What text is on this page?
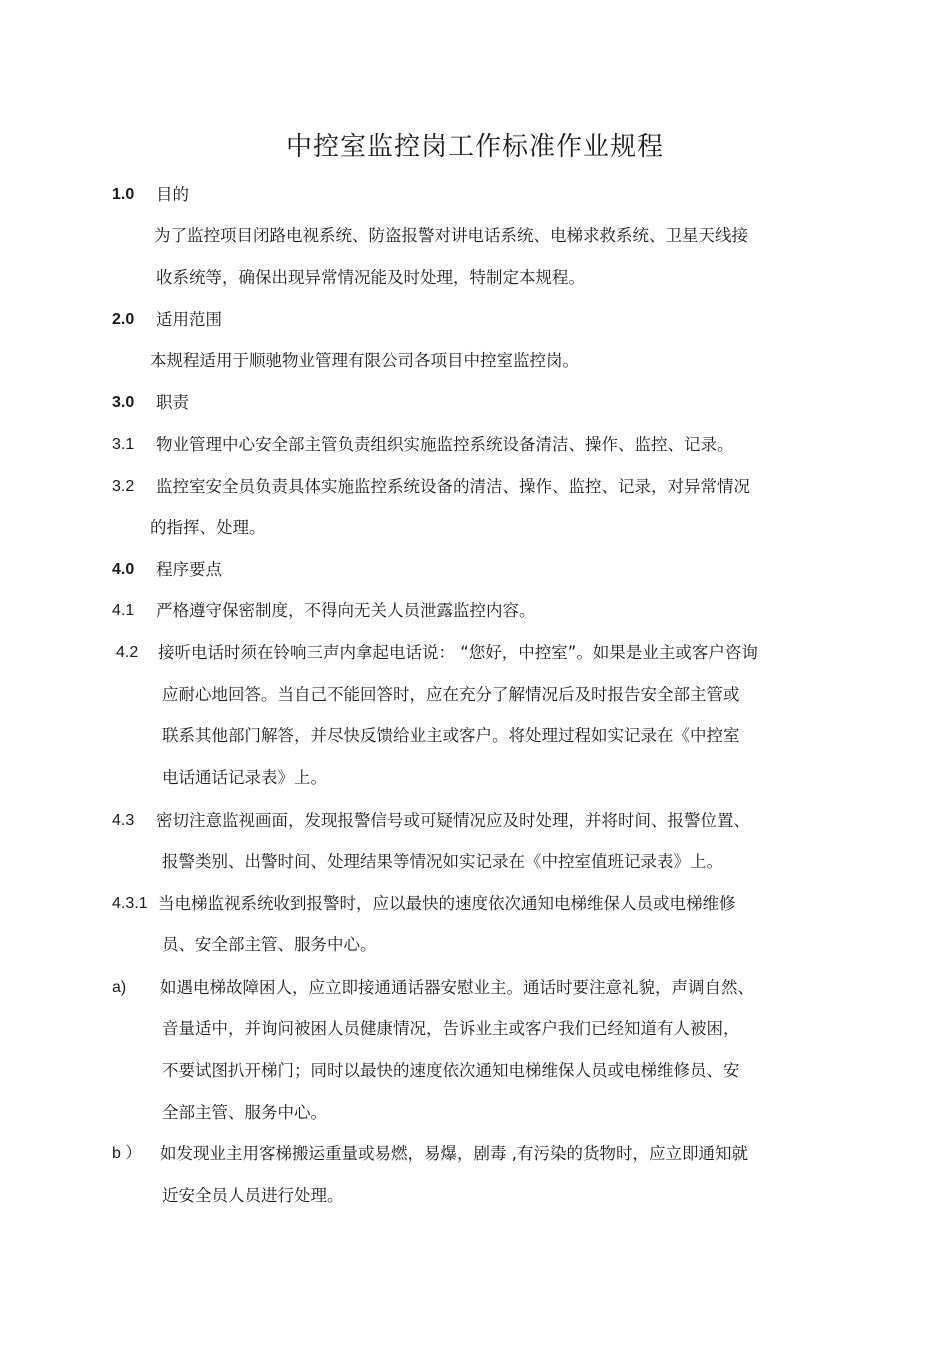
中控室监控岗工作标准作业规程
1.0 目的
为了监控项目闭路电视系统、防盗报警对讲电话系统、电梯求救系统、卫星天线接
收系统等，确保出现异常情况能及时处理，特制定本规程。
2.0 适用范围
本规程适用于顺驰物业管理有限公司各项目中控室监控岗。
3.0 职责
3.1 物业管理中心安全部主管负责组织实施监控系统设备清洁、操作、监控、记录。
3.2 监控室安全员负责具体实施监控系统设备的清洁、操作、监控、记录，对异常情况
的指挥、处理。
4.0 程序要点
4.1 严格遵守保密制度，不得向无关人员泄露监控内容。
4.2 接听电话时须在铃响三声内拿起电话说： “您好，中控室”。如果是业主或客户咨询
应耐心地回答。当自己不能回答时，应在充分了解情况后及时报告安全部主管或
联系其他部门解答，并尽快反馈给业主或客户。将处理过程如实记录在《中控室
电话通话记录表》上。
4.3 密切注意监视画面，发现报警信号或可疑情况应及时处理，并将时间、报警位置、
报警类别、出警时间、处理结果等情况如实记录在《中控室值班记录表》上。
4.3.1 当电梯监视系统收到报警时，应以最快的速度依次通知电梯维保人员或电梯维修
员、安全部主管、服务中心。
a) 如遇电梯故障困人，应立即接通通话器安慰业主。通话时要注意礼貌，声调自然、
音量适中，并询问被困人员健康情况，告诉业主或客户我们已经知道有人被困，
不要试图扒开梯门；同时以最快的速度依次通知电梯维保人员或电梯维修员、安
全部主管、服务中心。
b ） 如发现业主用客梯搬运重量或易燃，易爆，剧毒 ,有污染的货物时，应立即通知就
近安全员人员进行处理。
